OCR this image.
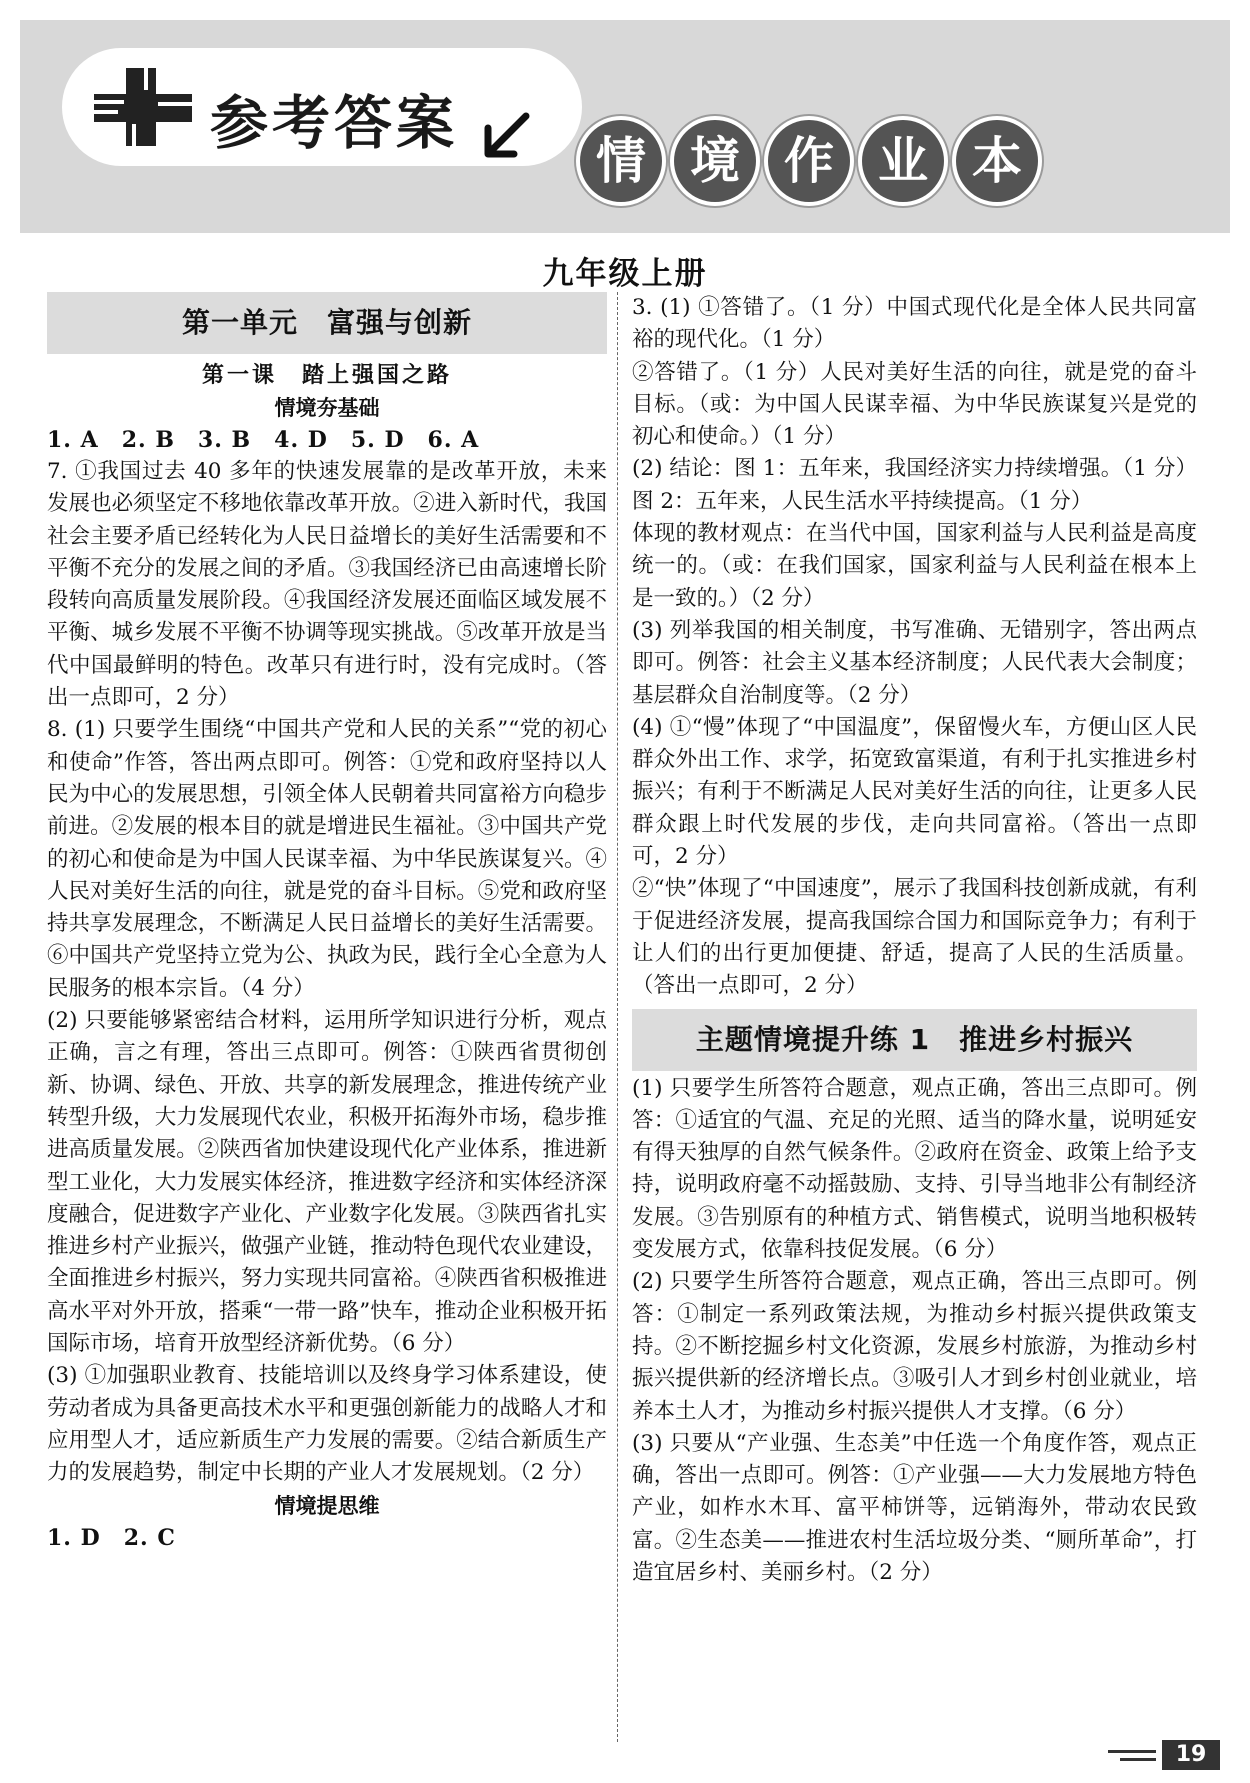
参考答案
情 境 作 业 本
九年级上册
第一单元　富强与创新
第一课　踏上强国之路
情境夯基础
1. A　2. B　3. B　4. D　5. D　6. A

7. ①我国过去 40 多年的快速发展靠的是改革开放，未来发展也必须坚定不移地依靠改革开放。②进入新时代，我国社会主要矛盾已经转化为人民日益增长的美好生活需要和不平衡不充分的发展之间的矛盾。③我国经济已由高速增长阶段转向高质量发展阶段。④我国经济发展还面临区域发展不平衡、城乡发展不平衡不协调等现实挑战。⑤改革开放是当代中国最鲜明的特色。改革只有进行时，没有完成时。（答出一点即可，2 分）

8. (1) 只要学生围绕“中国共产党和人民的关系”“党的初心和使命”作答，答出两点即可。例答：①党和政府坚持以人民为中心的发展思想，引领全体人民朝着共同富裕方向稳步前进。②发展的根本目的就是增进民生福祉。③中国共产党的初心和使命是为中国人民谋幸福、为中华民族谋复兴。④人民对美好生活的向往，就是党的奋斗目标。⑤党和政府坚持共享发展理念，不断满足人民日益增长的美好生活需要。⑥中国共产党坚持立党为公、执政为民，践行全心全意为人民服务的根本宗旨。（4 分）

(2) 只要能够紧密结合材料，运用所学知识进行分析，观点正确，言之有理，答出三点即可。例答：①陕西省贯彻创新、协调、绿色、开放、共享的新发展理念，推进传统产业转型升级，大力发展现代农业，积极开拓海外市场，稳步推进高质量发展。②陕西省加快建设现代化产业体系，推进新型工业化，大力发展实体经济，推进数字经济和实体经济深度融合，促进数字产业化、产业数字化发展。③陕西省扎实推进乡村产业振兴，做强产业链，推动特色现代农业建设，全面推进乡村振兴，努力实现共同富裕。④陕西省积极推进高水平对外开放，搭乘“一带一路”快车，推动企业积极开拓国际市场，培育开放型经济新优势。（6 分）

(3) ①加强职业教育、技能培训以及终身学习体系建设，使劳动者成为具备更高技术水平和更强创新能力的战略人才和应用型人才，适应新质生产力发展的需要。②结合新质生产力的发展趋势，制定中长期的产业人才发展规划。（2 分）

情境提思维
1. D　2. C

3. (1) ①答错了。（1 分）中国式现代化是全体人民共同富裕的现代化。（1 分）

②答错了。（1 分）人民对美好生活的向往，就是党的奋斗目标。（或：为中国人民谋幸福、为中华民族谋复兴是党的初心和使命。）（1 分）

(2) 结论：图 1：五年来，我国经济实力持续增强。（1 分）图 2：五年来，人民生活水平持续提高。（1 分）

体现的教材观点：在当代中国，国家利益与人民利益是高度统一的。（或：在我们国家，国家利益与人民利益在根本上是一致的。）（2 分）

(3) 列举我国的相关制度，书写准确、无错别字，答出两点即可。例答：社会主义基本经济制度；人民代表大会制度；基层群众自治制度等。（2 分）

(4) ①“慢”体现了“中国温度”，保留慢火车，方便山区人民群众外出工作、求学，拓宽致富渠道，有利于扎实推进乡村振兴；有利于不断满足人民对美好生活的向往，让更多人民群众跟上时代发展的步伐，走向共同富裕。（答出一点即可，2 分）

②“快”体现了“中国速度”，展示了我国科技创新成就，有利于促进经济发展，提高我国综合国力和国际竞争力；有利于让人们的出行更加便捷、舒适，提高了人民的生活质量。（答出一点即可，2 分）

主题情境提升练 1　推进乡村振兴

(1) 只要学生所答符合题意，观点正确，答出三点即可。例答：①适宜的气温、充足的光照、适当的降水量，说明延安有得天独厚的自然气候条件。②政府在资金、政策上给予支持，说明政府毫不动摇鼓励、支持、引导当地非公有制经济发展。③告别原有的种植方式、销售模式，说明当地积极转变发展方式，依靠科技促发展。（6 分）

(2) 只要学生所答符合题意，观点正确，答出三点即可。例答：①制定一系列政策法规，为推动乡村振兴提供政策支持。②不断挖掘乡村文化资源，发展乡村旅游，为推动乡村振兴提供新的经济增长点。③吸引人才到乡村创业就业，培养本土人才，为推动乡村振兴提供人才支撑。（6 分）

(3) 只要从“产业强、生态美”中任选一个角度作答，观点正确，答出一点即可。例答：①产业强——大力发展地方特色产业，如柞水木耳、富平柿饼等，远销海外，带动农民致富。②生态美——推进农村生活垃圾分类、“厕所革命”，打造宜居乡村、美丽乡村。（2 分）

19
